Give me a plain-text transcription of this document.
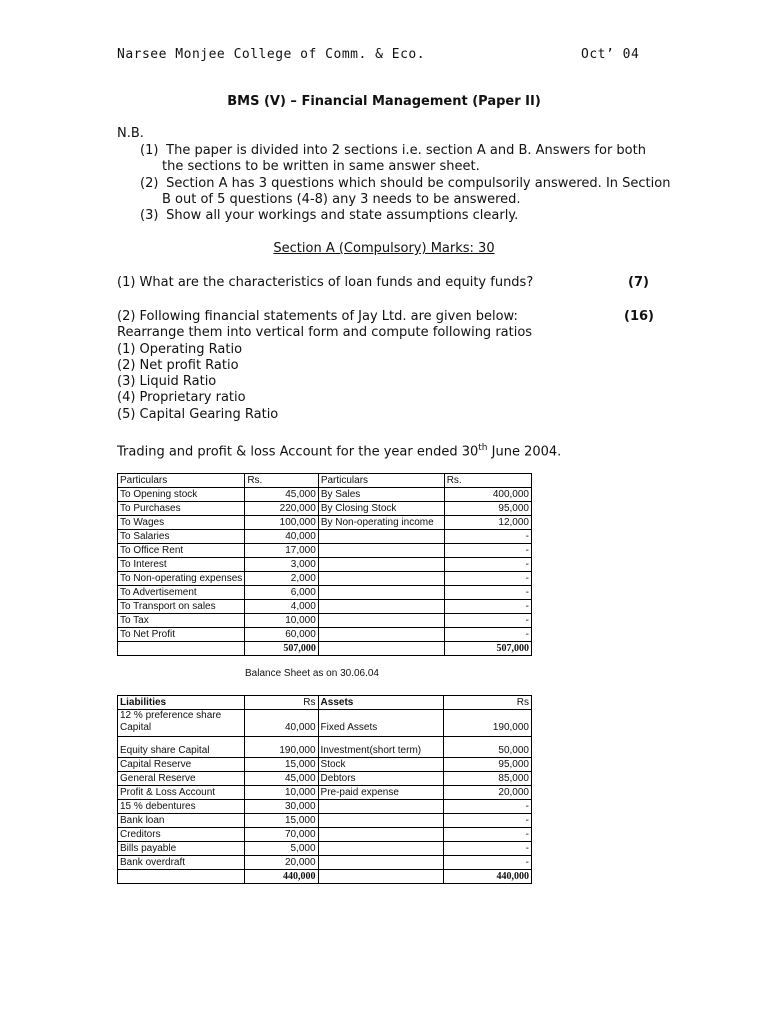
Narsee Monjee College of Comm. & Eco.	Oct’ 04
BMS (V) – Financial Management (Paper II)
N.B.
(1) The paper is divided into 2 sections i.e. section A and B. Answers for both
the sections to be written in same answer sheet.
(2) Section A has 3 questions which should be compulsorily answered. In Section
B out of 5 questions (4-8) any 3 needs to be answered.
(3) Show all your workings and state assumptions clearly.
Section A (Compulsory) Marks: 30
(1) What are the characteristics of loan funds and equity funds?	(7)
(2) Following financial statements of Jay Ltd. are given below:	(16)
Rearrange them into vertical form and compute following ratios
(1) Operating Ratio
(2) Net profit Ratio
(3) Liquid Ratio
(4) Proprietary ratio
(5) Capital Gearing Ratio
Trading and profit & loss Account for the year ended 30th June 2004.
Particulars	Rs.	Particulars	Rs.
To Opening stock	45,000	By Sales	400,000
To Purchases	220,000	By Closing Stock	95,000
To Wages	100,000	By Non-operating income	12,000
To Salaries	40,000		-
To Office Rent	17,000		-
To Interest	3,000		-
To Non-operating expenses	2,000		-
To Advertisement	6,000		-
To Transport on sales	4,000		-
To Tax	10,000		-
To Net Profit	60,000		-
	507,000		507,000
Balance Sheet as on 30.06.04
Liabilities	Rs	Assets	Rs

12 % preference share
Capital	40,000	Fixed Assets	190,000
Equity share Capital	190,000	Investment(short term)	50,000
Capital Reserve	15,000	Stock	95,000
General Reserve	45,000	Debtors	85,000
Profit & Loss Account	10,000	Pre-paid expense	20,000
15 % debentures	30,000		-
Bank loan	15,000		-
Creditors	70,000		-
Bills payable	5,000		-
Bank overdraft	20,000		-
	440,000		440,000
